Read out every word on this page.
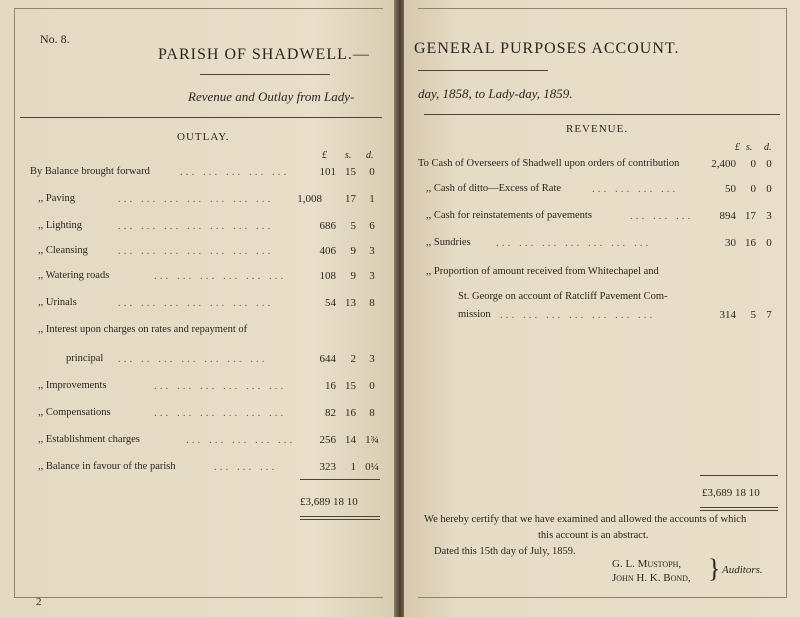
No. 8.
PARISH OF SHADWELL.—
Revenue and Outlay from Lady-
OUTLAY.
£ s. d.
By Balance brought forward	... ... ... ... ...	101 15	0
,, Paving	... ... ... ... ... ... ...	1,008	17	1
,, Lighting	... ... ... ... ... ... ...	686	5	6
,, Cleansing	... ... ... ... ... ... ...	406	9	3
,, Watering roads	... ... ... ... ... ...	108	9	3
,, Urinals	... ... ... ... ... ... ...	54 13	8
,, Interest upon charges on rates and repayment of
principal ... .. ... ... ... ... ...	644	2	3
,, Improvements	... ... ... ... ... ...	16 15	0
,, Compensations	... ... ... ... ... ...	82 16	8
,, Establishment charges	... ... ... ... ...	256 14 1¾
,, Balance in favour of the parish	... ... ...	323	1 0¼
£3,689 18 10
2
GENERAL PURPOSES ACCOUNT.
day, 1858, to Lady-day, 1859.
REVENUE.
£ s. d.
To Cash of Overseers of Shadwell upon orders of contribution	2,400	0 0
,, Cash of ditto—Excess of Rate	... ... ... ...	50	0 0
,, Cash for reinstatements of pavements	... ... ...	894 17 3
,, Sundries ... ... ... ... ... ... ...	30 16 0
,, Proportion of amount received from Whitechapel and
St. George on account of Ratcliff Pavement Com-
mission ... ... ... ... ... ... ...	314	5 7
£3,689 18 10
We hereby certify that we have examined and allowed the accounts of which
this account is an abstract.
Dated this 15th day of July, 1859.
G. L. Mustoph,
John H. K. Bond, } Auditors.
